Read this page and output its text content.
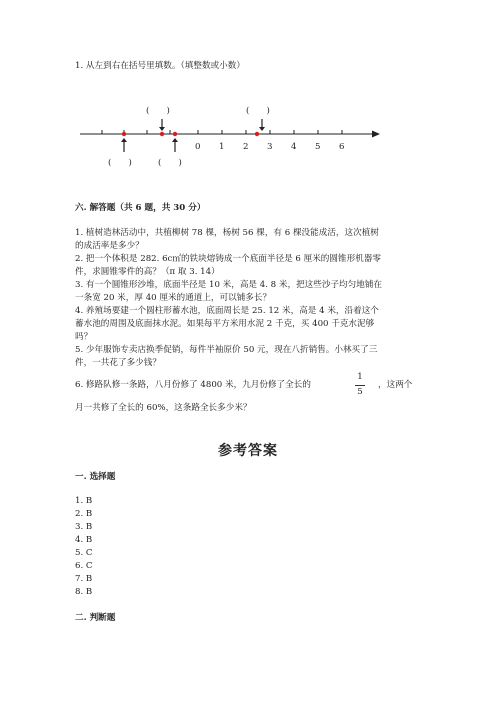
1. 从左到右在括号里填数。（填整数或小数）
0 1 2 3 4 5 6
(　　)	(　　)
(　　)	(　　)
六. 解答题（共 6 题，共 30 分）
1. 植树造林活动中，共植柳树 78 棵，杨树 56 棵，有 6 棵没能成活，这次植树
的成活率是多少？
2. 把一个体积是 282. 6c㎡的铁块熔铸成一个底面半径是 6 厘米的圆锥形机器零
件，求圆锥零件的高？（π 取 3. 14）
3. 有一个圆锥形沙堆，底面半径是 10 米，高是 4. 8 米，把这些沙子均匀地铺在
一条宽 20 米，厚 40 厘米的通道上，可以铺多长？
4. 养殖场要建一个圆柱形蓄水池，底面周长是 25. 12 米，高是 4 米，沿着这个
蓄水池的周围及底面抹水泥。如果每平方米用水泥 2 千克，买 400 千克水泥够
吗？
5. 少年服饰专卖店换季促销，每件半袖原价 50 元，现在八折销售。小林买了三
件，一共花了多少钱？
6. 修路队修一条路，八月份修了 4800 米，九月份修了全长的
1
5
，这两个
月一共修了全长的 60%，这条路全长多少米？
参考答案
一. 选择题
1. B
2. B
3. B
4. B
5. C
6. C
7. B
8. B
二. 判断题
